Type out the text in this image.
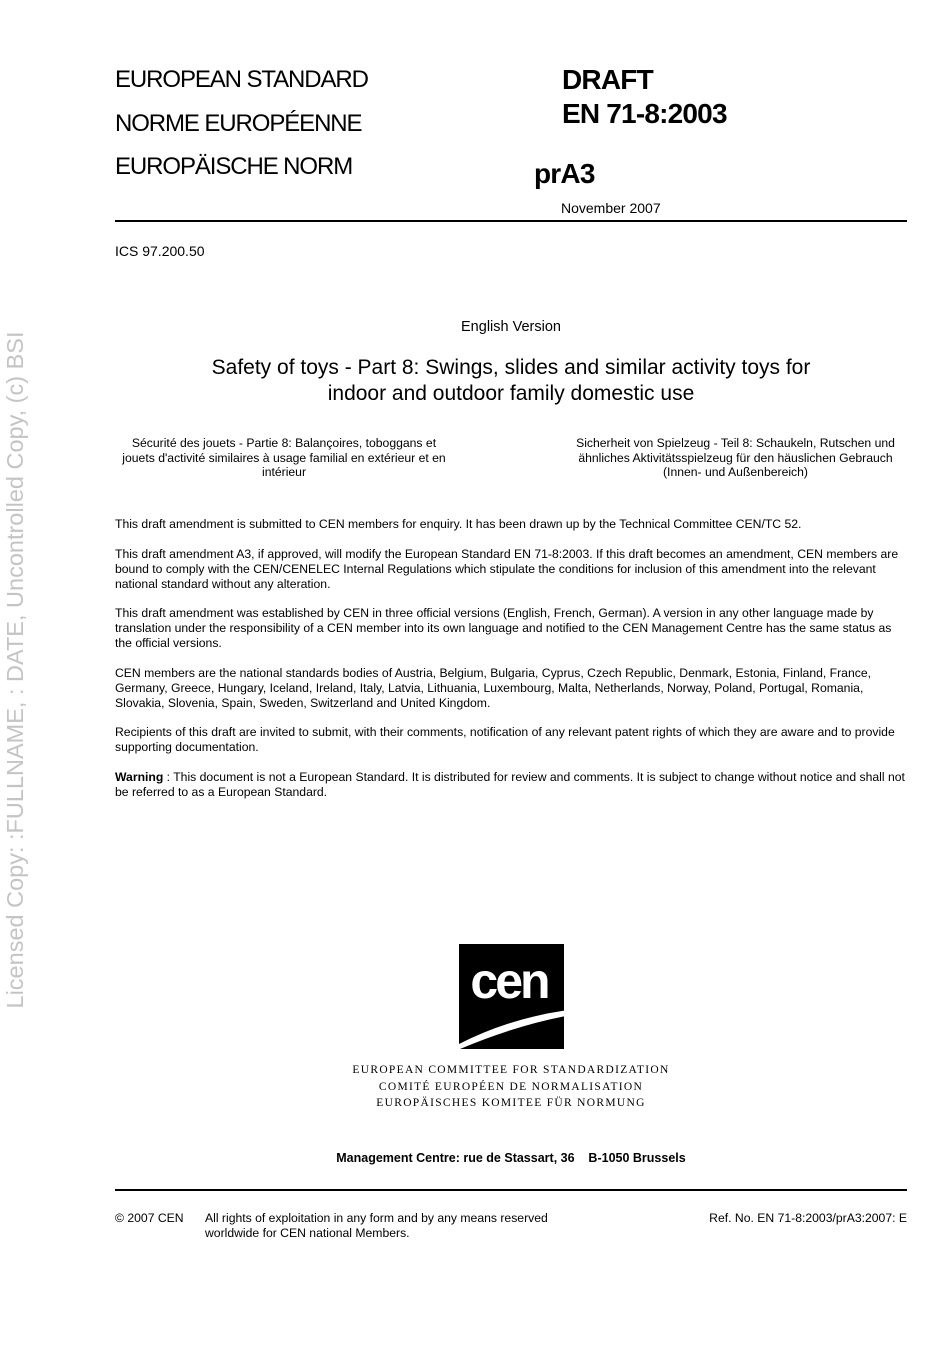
EUROPEAN STANDARD
NORME EUROPÉENNE
EUROPÄISCHE NORM
DRAFT
EN 71-8:2003
prA3
November 2007
ICS 97.200.50
English Version
Safety of toys - Part 8: Swings, slides and similar activity toys for
indoor and outdoor family domestic use
Sécurité des jouets - Partie 8: Balançoires, toboggans et jouets d'activité similaires à usage familial en extérieur et en intérieur
Sicherheit von Spielzeug - Teil 8: Schaukeln, Rutschen und ähnliches Aktivitätsspielzeug für den häuslichen Gebrauch (Innen- und Außenbereich)

This draft amendment is submitted to CEN members for enquiry. It has been drawn up by the Technical Committee CEN/TC 52.

This draft amendment A3, if approved, will modify the European Standard EN 71-8:2003. If this draft becomes an amendment, CEN members are bound to comply with the CEN/CENELEC Internal Regulations which stipulate the conditions for inclusion of this amendment into the relevant national standard without any alteration.

This draft amendment was established by CEN in three official versions (English, French, German). A version in any other language made by translation under the responsibility of a CEN member into its own language and notified to the CEN Management Centre has the same status as the official versions.

CEN members are the national standards bodies of Austria, Belgium, Bulgaria, Cyprus, Czech Republic, Denmark, Estonia, Finland, France, Germany, Greece, Hungary, Iceland, Ireland, Italy, Latvia, Lithuania, Luxembourg, Malta, Netherlands, Norway, Poland, Portugal, Romania, Slovakia, Slovenia, Spain, Sweden, Switzerland and United Kingdom.

Recipients of this draft are invited to submit, with their comments, notification of any relevant patent rights of which they are aware and to provide supporting documentation.

Warning : This document is not a European Standard. It is distributed for review and comments. It is subject to change without notice and shall not be referred to as a European Standard.

Licensed Copy: :FULLNAME, : DATE, Uncontrolled Copy, (c) BSI	cen
EUROPEAN COMMITTEE FOR STANDARDIZATION
COMITÉ EUROPÉEN DE NORMALISATION
EUROPÄISCHES KOMITEE FÜR NORMUNG
Management Centre: rue de Stassart, 36    B-1050 Brussels
© 2007 CEN All rights of exploitation in any form and by any means reserved worldwide for CEN national Members.
Ref. No. EN 71-8:2003/prA3:2007: E
